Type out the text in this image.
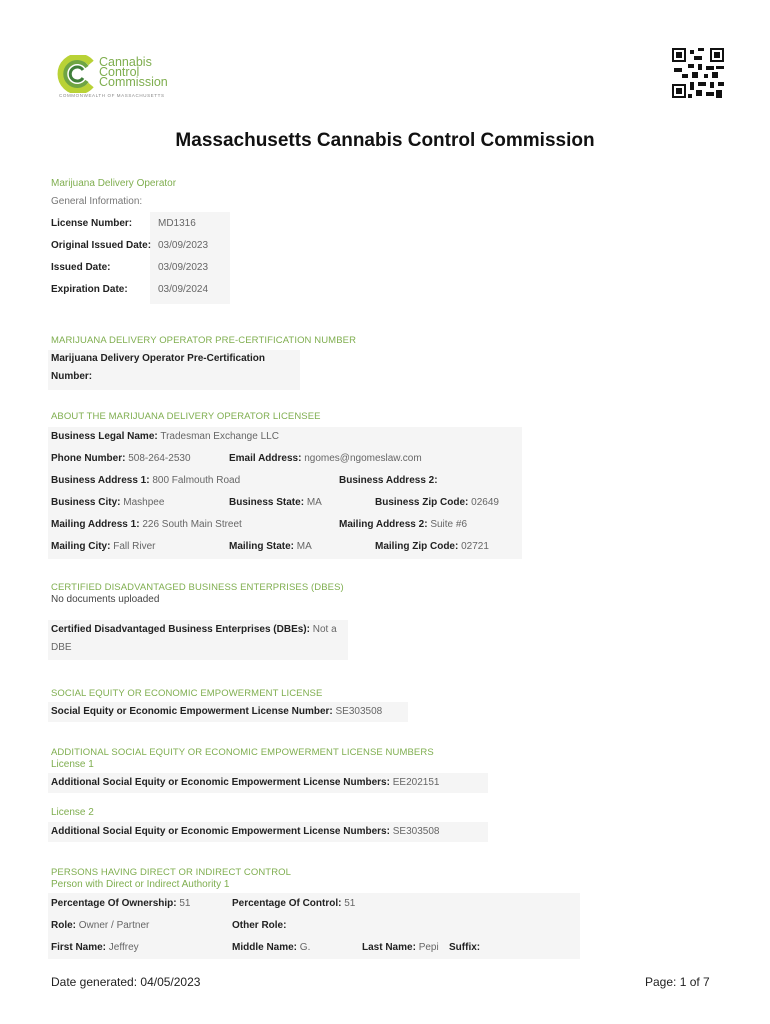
Cannabis
Control
Commission
COMMONWEALTH OF MASSACHUSETTS
Massachusetts Cannabis Control Commission
Marijuana Delivery Operator
General Information:
License Number:	MD1316
Original Issued Date: 03/09/2023
Issued Date:	03/09/2023
Expiration Date:	03/09/2024
MARIJUANA DELIVERY OPERATOR PRE-CERTIFICATION NUMBER
Marijuana Delivery Operator Pre-Certification
Number:
ABOUT THE MARIJUANA DELIVERY OPERATOR LICENSEE
Business Legal Name: Tradesman Exchange LLC
Phone Number: 508-264-2530	Email Address: ngomes@ngomeslaw.com
Business Address 1: 800 Falmouth Road	Business Address 2:
Business City: Mashpee	Business State: MA	Business Zip Code: 02649
Mailing Address 1: 226 South Main Street	Mailing Address 2: Suite #6
Mailing City: Fall River	Mailing State: MA	Mailing Zip Code: 02721
CERTIFIED DISADVANTAGED BUSINESS ENTERPRISES (DBES)
No documents uploaded
Certified Disadvantaged Business Enterprises (DBEs): Not a
DBE
SOCIAL EQUITY OR ECONOMIC EMPOWERMENT LICENSE
Social Equity or Economic Empowerment License Number: SE303508
ADDITIONAL SOCIAL EQUITY OR ECONOMIC EMPOWERMENT LICENSE NUMBERS
License 1
Additional Social Equity or Economic Empowerment License Numbers: EE202151
License 2
Additional Social Equity or Economic Empowerment License Numbers: SE303508
PERSONS HAVING DIRECT OR INDIRECT CONTROL
Person with Direct or Indirect Authority 1
Percentage Of Ownership: 51	Percentage Of Control: 51
Role: Owner / Partner	Other Role:
First Name: Jeffrey	Middle Name: G.	Last Name: Pepi Suffix:
Date generated: 04/05/2023	Page: 1 of 7
